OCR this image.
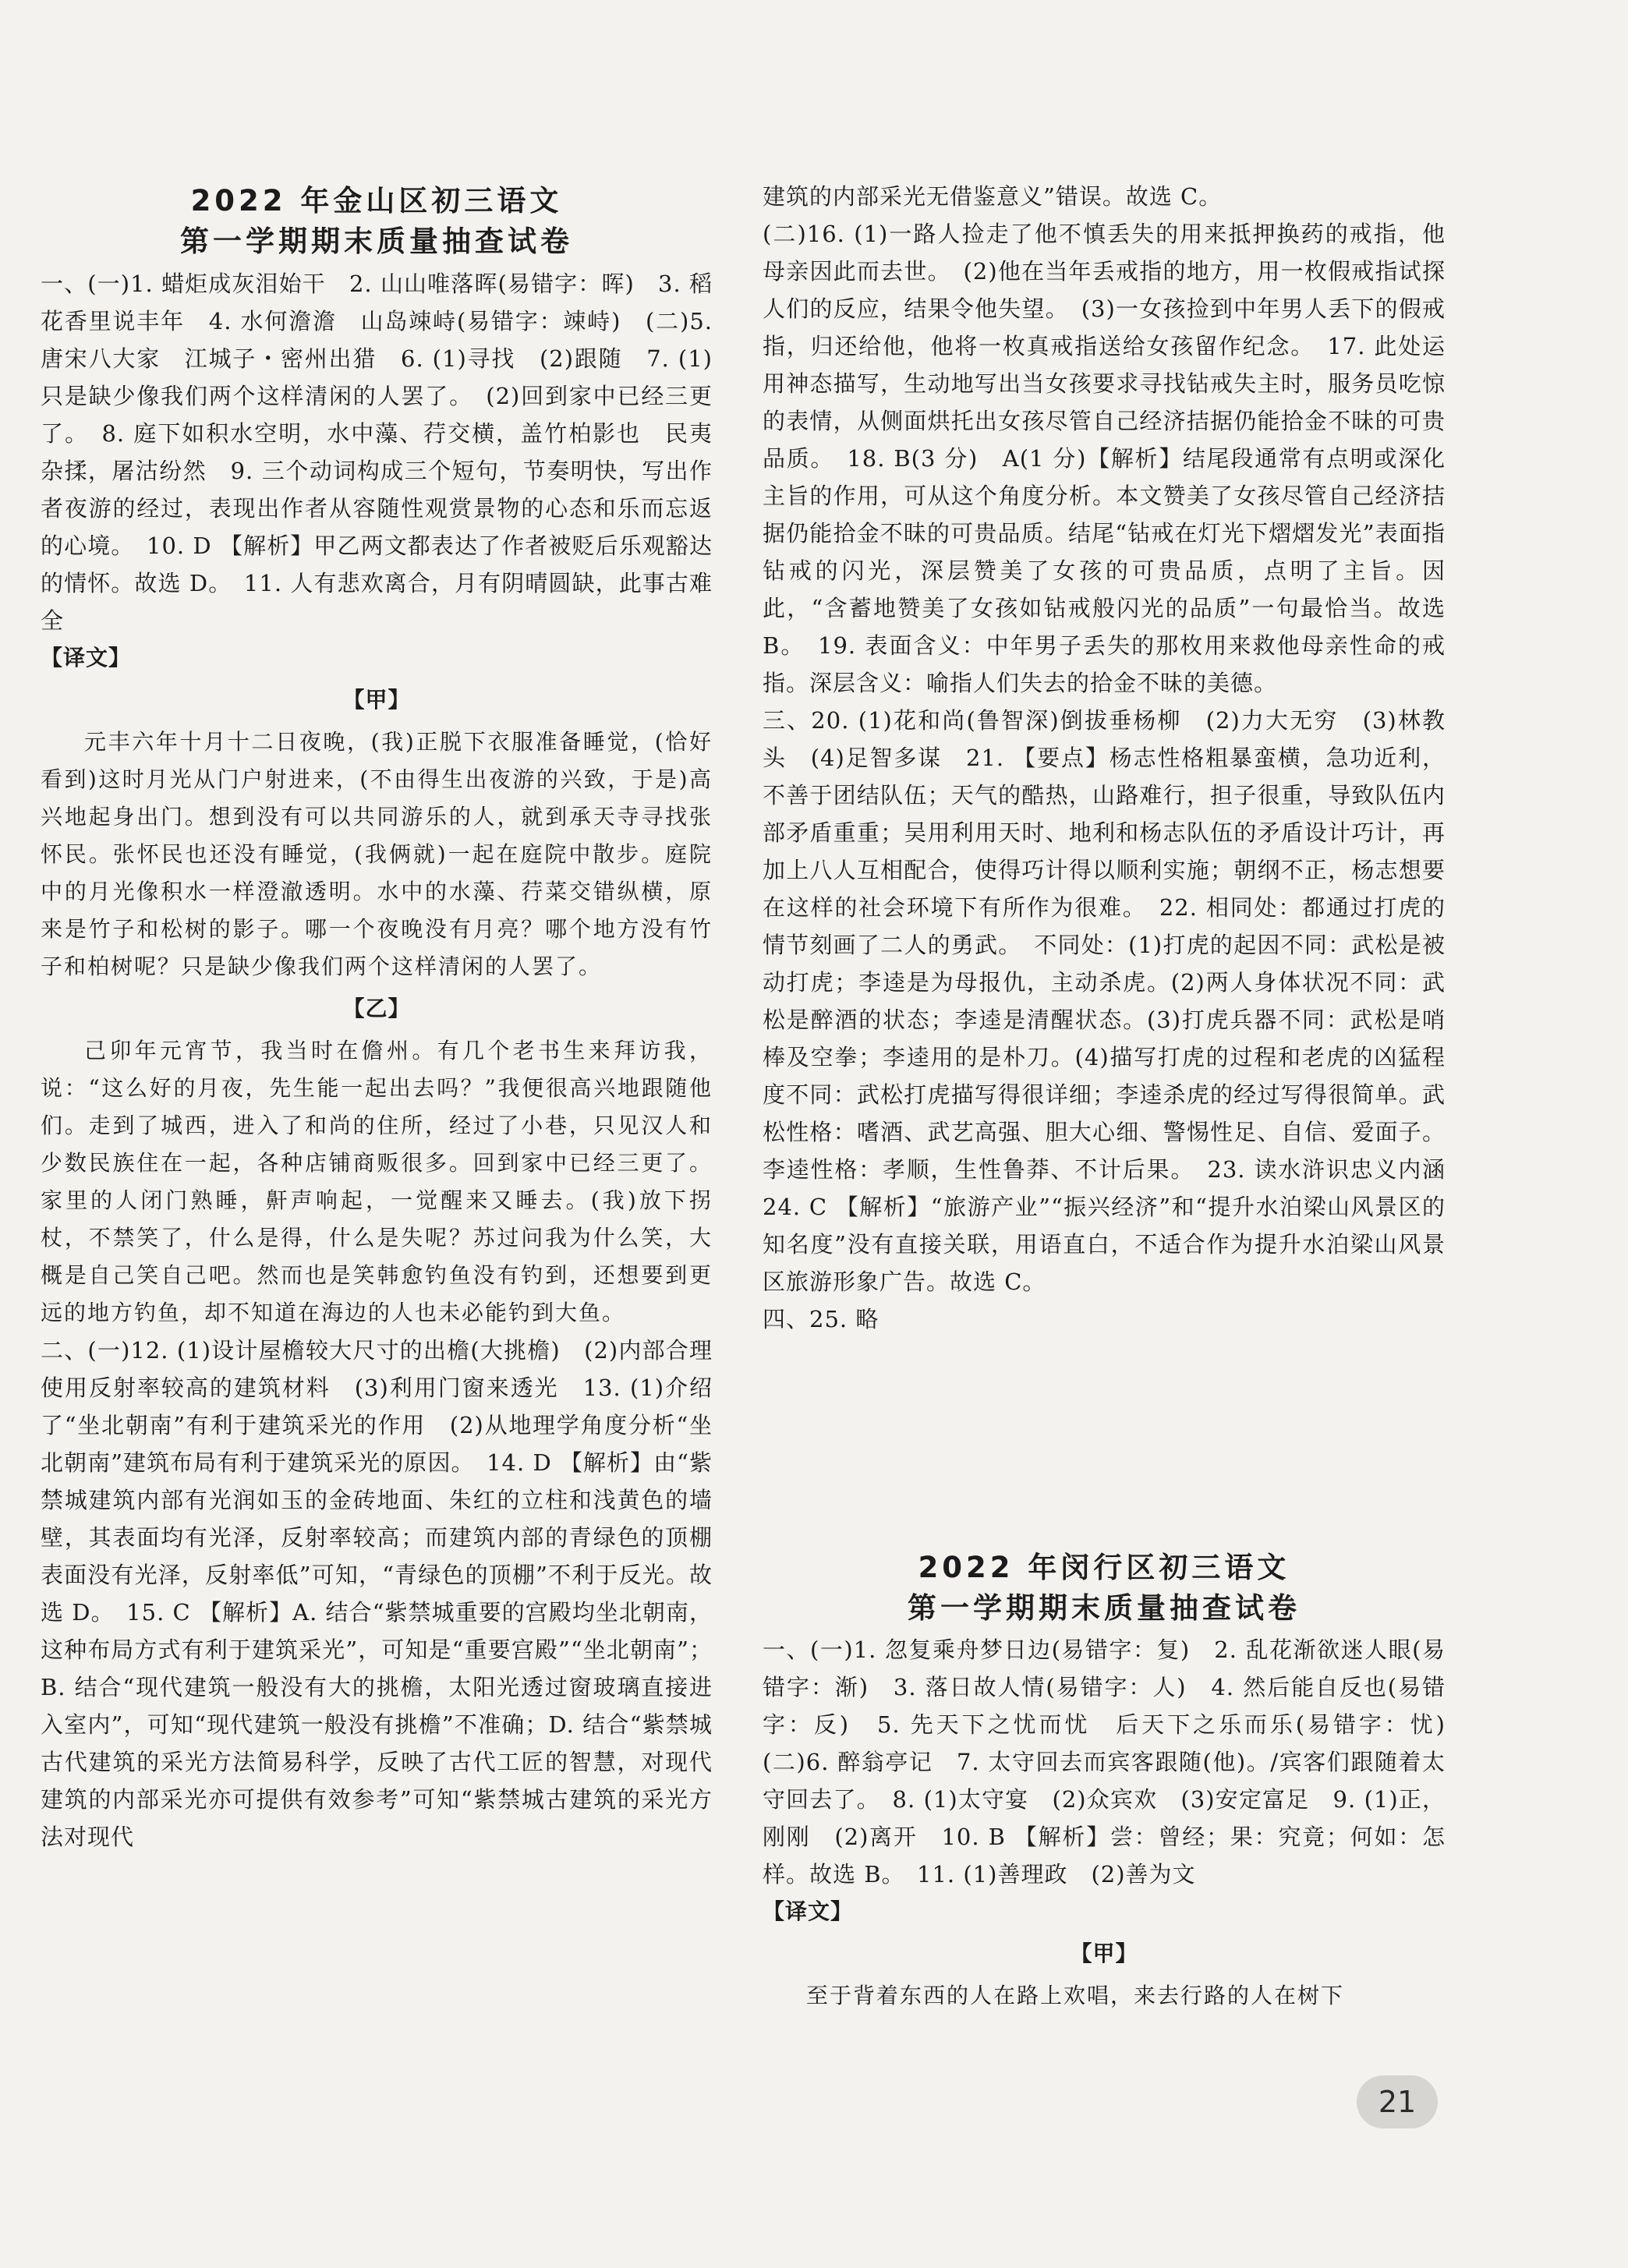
2022 年金山区初三语文
第一学期期末质量抽查试卷

一、(一)1. 蜡炬成灰泪始干　2. 山山唯落晖(易错字：晖)　3. 稻花香里说丰年　4. 水何澹澹　山岛竦峙(易错字：竦峙)　(二)5. 唐宋八大家　江城子・密州出猎　6. (1)寻找　(2)跟随　7. (1)只是缺少像我们两个这样清闲的人罢了。　(2)回到家中已经三更了。　8. 庭下如积水空明，水中藻、荇交横，盖竹柏影也　民夷杂揉，屠沽纷然　9. 三个动词构成三个短句，节奏明快，写出作者夜游的经过，表现出作者从容随性观赏景物的心态和乐而忘返的心境。　10. D 【解析】甲乙两文都表达了作者被贬后乐观豁达的情怀。故选 D。　11. 人有悲欢离合，月有阴晴圆缺，此事古难全

【译文】

【甲】

元丰六年十月十二日夜晚，(我)正脱下衣服准备睡觉，(恰好看到)这时月光从门户射进来，(不由得生出夜游的兴致，于是)高兴地起身出门。想到没有可以共同游乐的人，就到承天寺寻找张怀民。张怀民也还没有睡觉，(我俩就)一起在庭院中散步。庭院中的月光像积水一样澄澈透明。水中的水藻、荇菜交错纵横，原来是竹子和松树的影子。哪一个夜晚没有月亮？哪个地方没有竹子和柏树呢？只是缺少像我们两个这样清闲的人罢了。

【乙】

己卯年元宵节，我当时在儋州。有几个老书生来拜访我，说：“这么好的月夜，先生能一起出去吗？”我便很高兴地跟随他们。走到了城西，进入了和尚的住所，经过了小巷，只见汉人和少数民族住在一起，各种店铺商贩很多。回到家中已经三更了。家里的人闭门熟睡，鼾声响起，一觉醒来又睡去。(我)放下拐杖，不禁笑了，什么是得，什么是失呢？苏过问我为什么笑，大概是自己笑自己吧。然而也是笑韩愈钓鱼没有钓到，还想要到更远的地方钓鱼，却不知道在海边的人也未必能钓到大鱼。

二、(一)12. (1)设计屋檐较大尺寸的出檐(大挑檐)　(2)内部合理使用反射率较高的建筑材料　(3)利用门窗来透光　13. (1)介绍了“坐北朝南”有利于建筑采光的作用　(2)从地理学角度分析“坐北朝南”建筑布局有利于建筑采光的原因。　14. D 【解析】由“紫禁城建筑内部有光润如玉的金砖地面、朱红的立柱和浅黄色的墙壁，其表面均有光泽，反射率较高；而建筑内部的青绿色的顶棚表面没有光泽，反射率低”可知，“青绿色的顶棚”不利于反光。故选 D。　15. C 【解析】A. 结合“紫禁城重要的宫殿均坐北朝南，这种布局方式有利于建筑采光”，可知是“重要宫殿”“坐北朝南”；B. 结合“现代建筑一般没有大的挑檐，太阳光透过窗玻璃直接进入室内”，可知“现代建筑一般没有挑檐”不准确；D. 结合“紫禁城古代建筑的采光方法简易科学，反映了古代工匠的智慧，对现代建筑的内部采光亦可提供有效参考”可知“紫禁城古建筑的采光方法对现代

建筑的内部采光无借鉴意义”错误。故选 C。

(二)16. (1)一路人捡走了他不慎丢失的用来抵押换药的戒指，他母亲因此而去世。　(2)他在当年丢戒指的地方，用一枚假戒指试探人们的反应，结果令他失望。　(3)一女孩捡到中年男人丢下的假戒指，归还给他，他将一枚真戒指送给女孩留作纪念。　17. 此处运用神态描写，生动地写出当女孩要求寻找钻戒失主时，服务员吃惊的表情，从侧面烘托出女孩尽管自己经济拮据仍能拾金不昧的可贵品质。　18. B(3 分)　A(1 分)【解析】结尾段通常有点明或深化主旨的作用，可从这个角度分析。本文赞美了女孩尽管自己经济拮据仍能拾金不昧的可贵品质。结尾“钻戒在灯光下熠熠发光”表面指钻戒的闪光，深层赞美了女孩的可贵品质，点明了主旨。因此，“含蓄地赞美了女孩如钻戒般闪光的品质”一句最恰当。故选 B。　19. 表面含义：中年男子丢失的那枚用来救他母亲性命的戒指。深层含义：喻指人们失去的拾金不昧的美德。

三、20. (1)花和尚(鲁智深)倒拔垂杨柳　(2)力大无穷　(3)林教头　(4)足智多谋　21. 【要点】杨志性格粗暴蛮横，急功近利，不善于团结队伍；天气的酷热，山路难行，担子很重，导致队伍内部矛盾重重；吴用利用天时、地利和杨志队伍的矛盾设计巧计，再加上八人互相配合，使得巧计得以顺利实施；朝纲不正，杨志想要在这样的社会环境下有所作为很难。　22. 相同处：都通过打虎的情节刻画了二人的勇武。　不同处：(1)打虎的起因不同：武松是被动打虎；李逵是为母报仇，主动杀虎。(2)两人身体状况不同：武松是醉酒的状态；李逵是清醒状态。(3)打虎兵器不同：武松是哨棒及空拳；李逵用的是朴刀。(4)描写打虎的过程和老虎的凶猛程度不同：武松打虎描写得很详细；李逵杀虎的经过写得很简单。武松性格：嗜酒、武艺高强、胆大心细、警惕性足、自信、爱面子。李逵性格：孝顺，生性鲁莽、不计后果。　23. 读水浒识忠义内涵　24. C 【解析】“旅游产业”“振兴经济”和“提升水泊梁山风景区的知名度”没有直接关联，用语直白，不适合作为提升水泊梁山风景区旅游形象广告。故选 C。

四、25. 略

2022 年闵行区初三语文
第一学期期末质量抽查试卷

一、(一)1. 忽复乘舟梦日边(易错字：复)　2. 乱花渐欲迷人眼(易错字：渐)　3. 落日故人情(易错字：人)　4. 然后能自反也(易错字：反)　5. 先天下之忧而忧　后天下之乐而乐(易错字：忧)　(二)6. 醉翁亭记　7. 太守回去而宾客跟随(他)。/宾客们跟随着太守回去了。　8. (1)太守宴　(2)众宾欢　(3)安定富足　9. (1)正，刚刚　(2)离开　10. B 【解析】尝：曾经；果：究竟；何如：怎样。故选 B。　11. (1)善理政　(2)善为文

【译文】

【甲】

至于背着东西的人在路上欢唱，来去行路的人在树下

21
